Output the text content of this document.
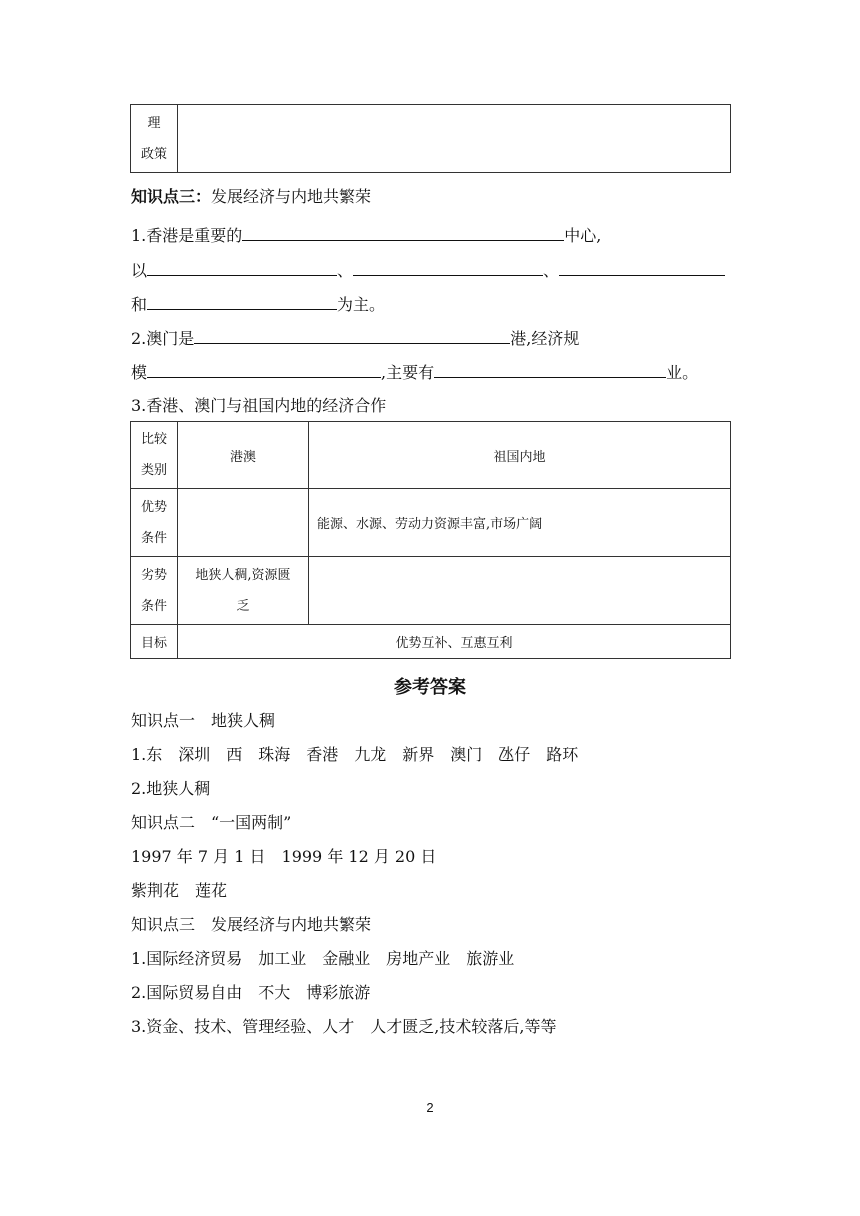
理
政策

知识点三：发展经济与内地共繁荣
1.香港是重要的	中心,
以	、	、
和	为主。
2.澳门是	港,经济规
模	,主要有	业。
3.香港、澳门与祖国内地的经济合作
比较
类别	港澳	祖国内地

优势
条件		能源、水源、劳动力资源丰富,市场广阔

劣势
条件	地狭人稠,资源匮
乏	

目标	优势互补、互惠互利	
参考答案
知识点一　地狭人稠
1.东　深圳　西　珠海　香港　九龙　新界　澳门　氹仔　路环
2.地狭人稠
知识点二　“一国两制”
1997 年 7 月 1 日　1999 年 12 月 20 日
紫荆花　莲花
知识点三　发展经济与内地共繁荣
1.国际经济贸易　加工业　金融业　房地产业　旅游业
2.国际贸易自由　不大　博彩旅游
3.资金、技术、管理经验、人才　人才匮乏,技术较落后,等等
2
